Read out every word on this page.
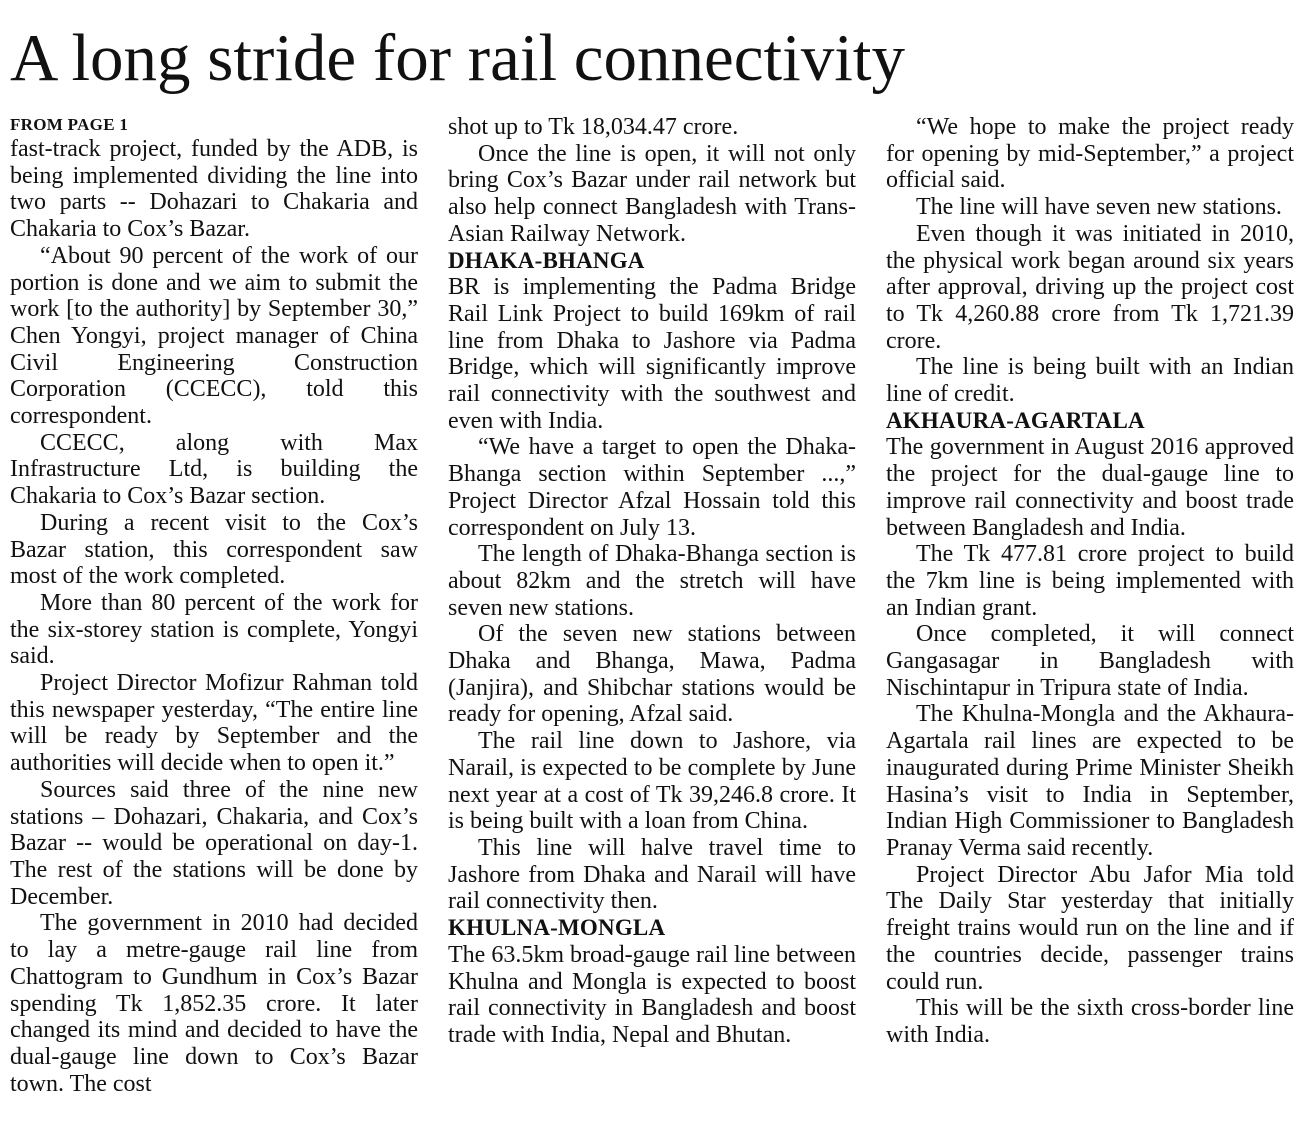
A long stride for rail connectivity
FROM PAGE 1

fast-track project, funded by the ADB, is being implemented dividing the line into two parts -- Dohazari to Chakaria and Chakaria to Cox’s Bazar.

“About 90 percent of the work of our portion is done and we aim to submit the work [to the authority] by September 30,” Chen Yongyi, project manager of China Civil Engineering Construction Corporation (CCECC), told this correspondent.

CCECC, along with Max Infrastructure Ltd, is building the Chakaria to Cox’s Bazar section.

During a recent visit to the Cox’s Bazar station, this correspondent saw most of the work completed.

More than 80 percent of the work for the six-storey station is complete, Yongyi said.

Project Director Mofizur Rahman told this newspaper yesterday, “The entire line will be ready by September and the authorities will decide when to open it.”

Sources said three of the nine new stations – Dohazari, Chakaria, and Cox’s Bazar -- would be operational on day-1. The rest of the stations will be done by December.

The government in 2010 had decided to lay a metre-gauge rail line from Chattogram to Gundhum in Cox’s Bazar spending Tk 1,852.35 crore. It later changed its mind and decided to have the dual-gauge line down to Cox’s Bazar town. The cost

shot up to Tk 18,034.47 crore.

Once the line is open, it will not only bring Cox’s Bazar under rail network but also help connect Bangladesh with Trans-Asian Railway Network.

DHAKA-BHANGA

BR is implementing the Padma Bridge Rail Link Project to build 169km of rail line from Dhaka to Jashore via Padma Bridge, which will significantly improve rail connectivity with the southwest and even with India.

“We have a target to open the Dhaka-Bhanga section within September ...,” Project Director Afzal Hossain told this correspondent on July 13.

The length of Dhaka-Bhanga section is about 82km and the stretch will have seven new stations.

Of the seven new stations between Dhaka and Bhanga, Mawa, Padma (Janjira), and Shibchar stations would be ready for opening, Afzal said.

The rail line down to Jashore, via Narail, is expected to be complete by June next year at a cost of Tk 39,246.8 crore. It is being built with a loan from China.

This line will halve travel time to Jashore from Dhaka and Narail will have rail connectivity then.

KHULNA-MONGLA

The 63.5km broad-gauge rail line between Khulna and Mongla is expected to boost rail connectivity in Bangladesh and boost trade with India, Nepal and Bhutan.

“We hope to make the project ready for opening by mid-September,” a project official said.

The line will have seven new stations.

Even though it was initiated in 2010, the physical work began around six years after approval, driving up the project cost to Tk 4,260.88 crore from Tk 1,721.39 crore.

The line is being built with an Indian line of credit.

AKHAURA-AGARTALA

The government in August 2016 approved the project for the dual-gauge line to improve rail connectivity and boost trade between Bangladesh and India.

The Tk 477.81 crore project to build the 7km line is being implemented with an Indian grant.

Once completed, it will connect Gangasagar in Bangladesh with Nischintapur in Tripura state of India.

The Khulna-Mongla and the Akhaura-Agartala rail lines are expected to be inaugurated during Prime Minister Sheikh Hasina’s visit to India in September, Indian High Commissioner to Bangladesh Pranay Verma said recently.

Project Director Abu Jafor Mia told The Daily Star yesterday that initially freight trains would run on the line and if the countries decide, passenger trains could run.

This will be the sixth cross-border line with India.
